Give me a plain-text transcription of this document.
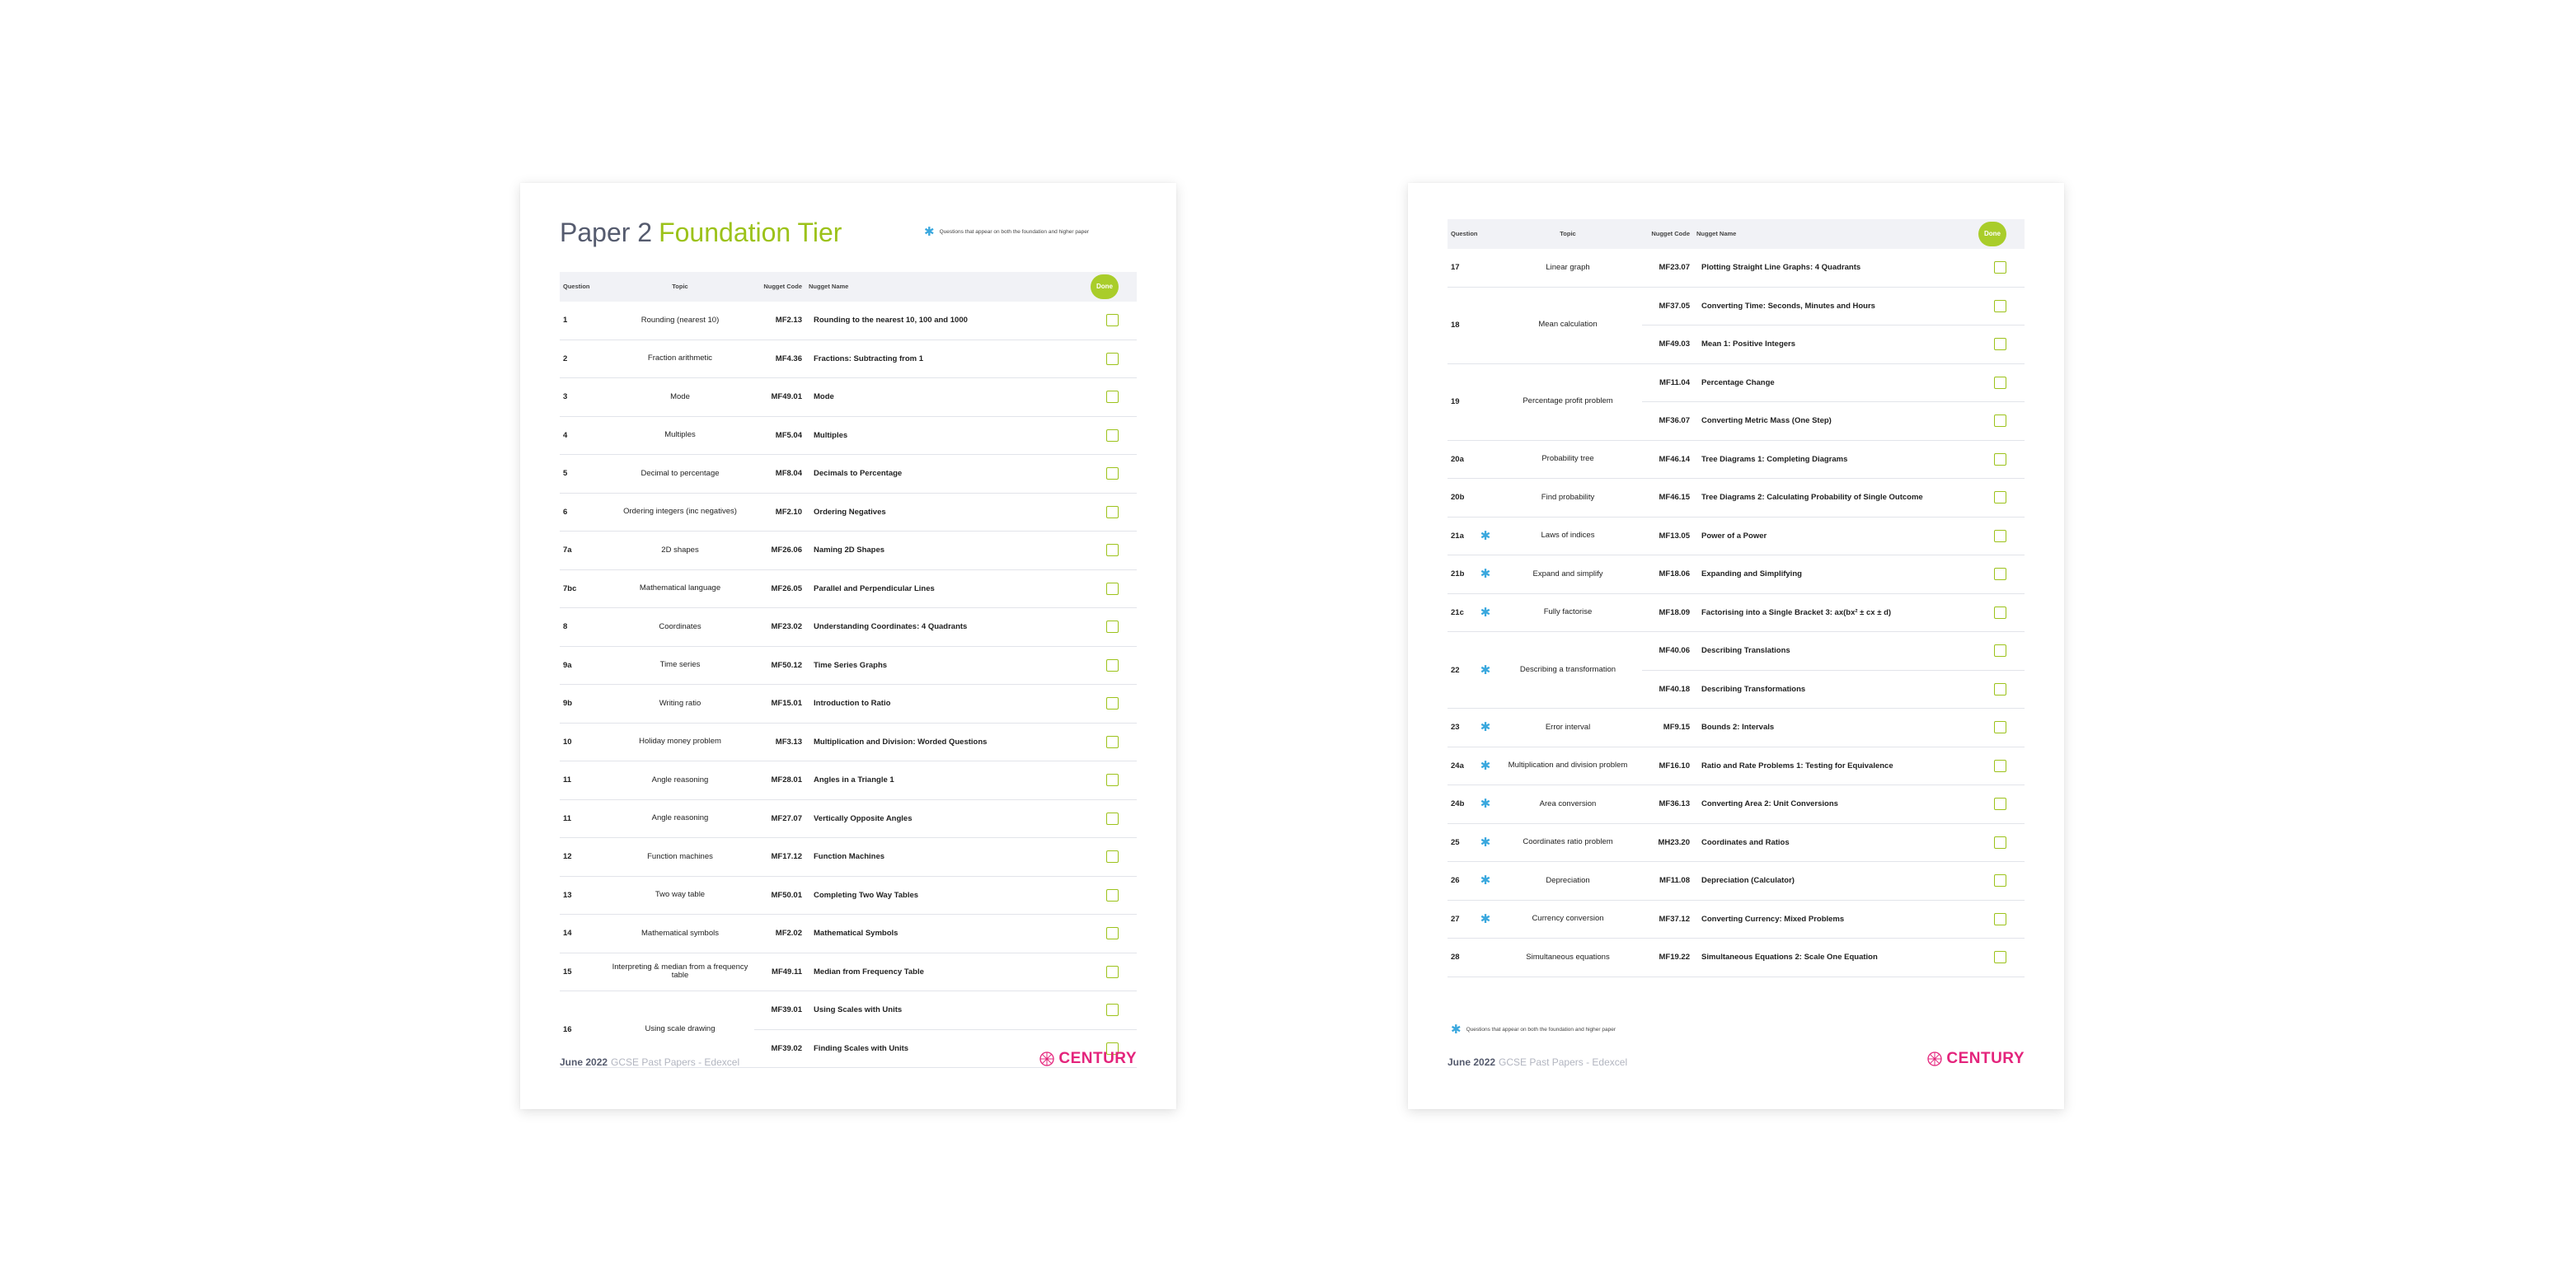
Paper 2 Foundation Tier	✱ Questions that appear on both the foundation and higher paper
Question		Topic	Nugget Code	Nugget Name	Done
1		Rounding (nearest 10)	MF2.13	Rounding to the nearest 10, 100 and 1000	
2		Fraction arithmetic	MF4.36	Fractions: Subtracting from 1	
3		Mode	MF49.01	Mode	
4		Multiples	MF5.04	Multiples	
5		Decimal to percentage	MF8.04	Decimals to Percentage	
6		Ordering integers (inc negatives)	MF2.10	Ordering Negatives	
7a		2D shapes	MF26.06	Naming 2D Shapes	
7bc		Mathematical language	MF26.05	Parallel and Perpendicular Lines	
8		Coordinates	MF23.02	Understanding Coordinates: 4 Quadrants	
9a		Time series	MF50.12	Time Series Graphs	
9b		Writing ratio	MF15.01	Introduction to Ratio	
10		Holiday money problem	MF3.13	Multiplication and Division: Worded Questions	
11		Angle reasoning	MF28.01	Angles in a Triangle 1	
11		Angle reasoning	MF27.07	Vertically Opposite Angles	
12		Function machines	MF17.12	Function Machines	
13		Two way table	MF50.01	Completing Two Way Tables	
14		Mathematical symbols	MF2.02	Mathematical Symbols	
15		Interpreting & median from a frequency table	MF49.11	Median from Frequency Table	
16		Using scale drawing	MF39.01	Using Scales with Units	
			MF39.02	Finding Scales with Units	
June 2022 GCSE Past Papers - Edexcel	CENTURY
Question		Topic	Nugget Code	Nugget Name	Done
17		Linear graph	MF23.07	Plotting Straight Line Graphs: 4 Quadrants	
18		Mean calculation	MF37.05	Converting Time: Seconds, Minutes and Hours	
			MF49.03	Mean 1: Positive Integers	
19		Percentage profit problem	MF11.04	Percentage Change	
			MF36.07	Converting Metric Mass (One Step)	
20a		Probability tree	MF46.14	Tree Diagrams 1: Completing Diagrams	
20b		Find probability	MF46.15	Tree Diagrams 2: Calculating Probability of Single Outcome	
21a	✱	Laws of indices	MF13.05	Power of a Power	
21b	✱	Expand and simplify	MF18.06	Expanding and Simplifying	
21c	✱	Fully factorise	MF18.09	Factorising into a Single Bracket 3: ax(bx² ± cx ± d)	
22	✱	Describing a transformation	MF40.06	Describing Translations	
			MF40.18	Describing Transformations	
23	✱	Error interval	MF9.15	Bounds 2: Intervals	
24a	✱	Multiplication and division problem	MF16.10	Ratio and Rate Problems 1: Testing for Equivalence	
24b	✱	Area conversion	MF36.13	Converting Area 2: Unit Conversions	
25	✱	Coordinates ratio problem	MH23.20	Coordinates and Ratios	
26	✱	Depreciation	MF11.08	Depreciation (Calculator)	
27	✱	Currency conversion	MF37.12	Converting Currency: Mixed Problems	
28		Simultaneous equations	MF19.22	Simultaneous Equations 2: Scale One Equation	
✱ Questions that appear on both the foundation and higher paper
June 2022 GCSE Past Papers - Edexcel	CENTURY
